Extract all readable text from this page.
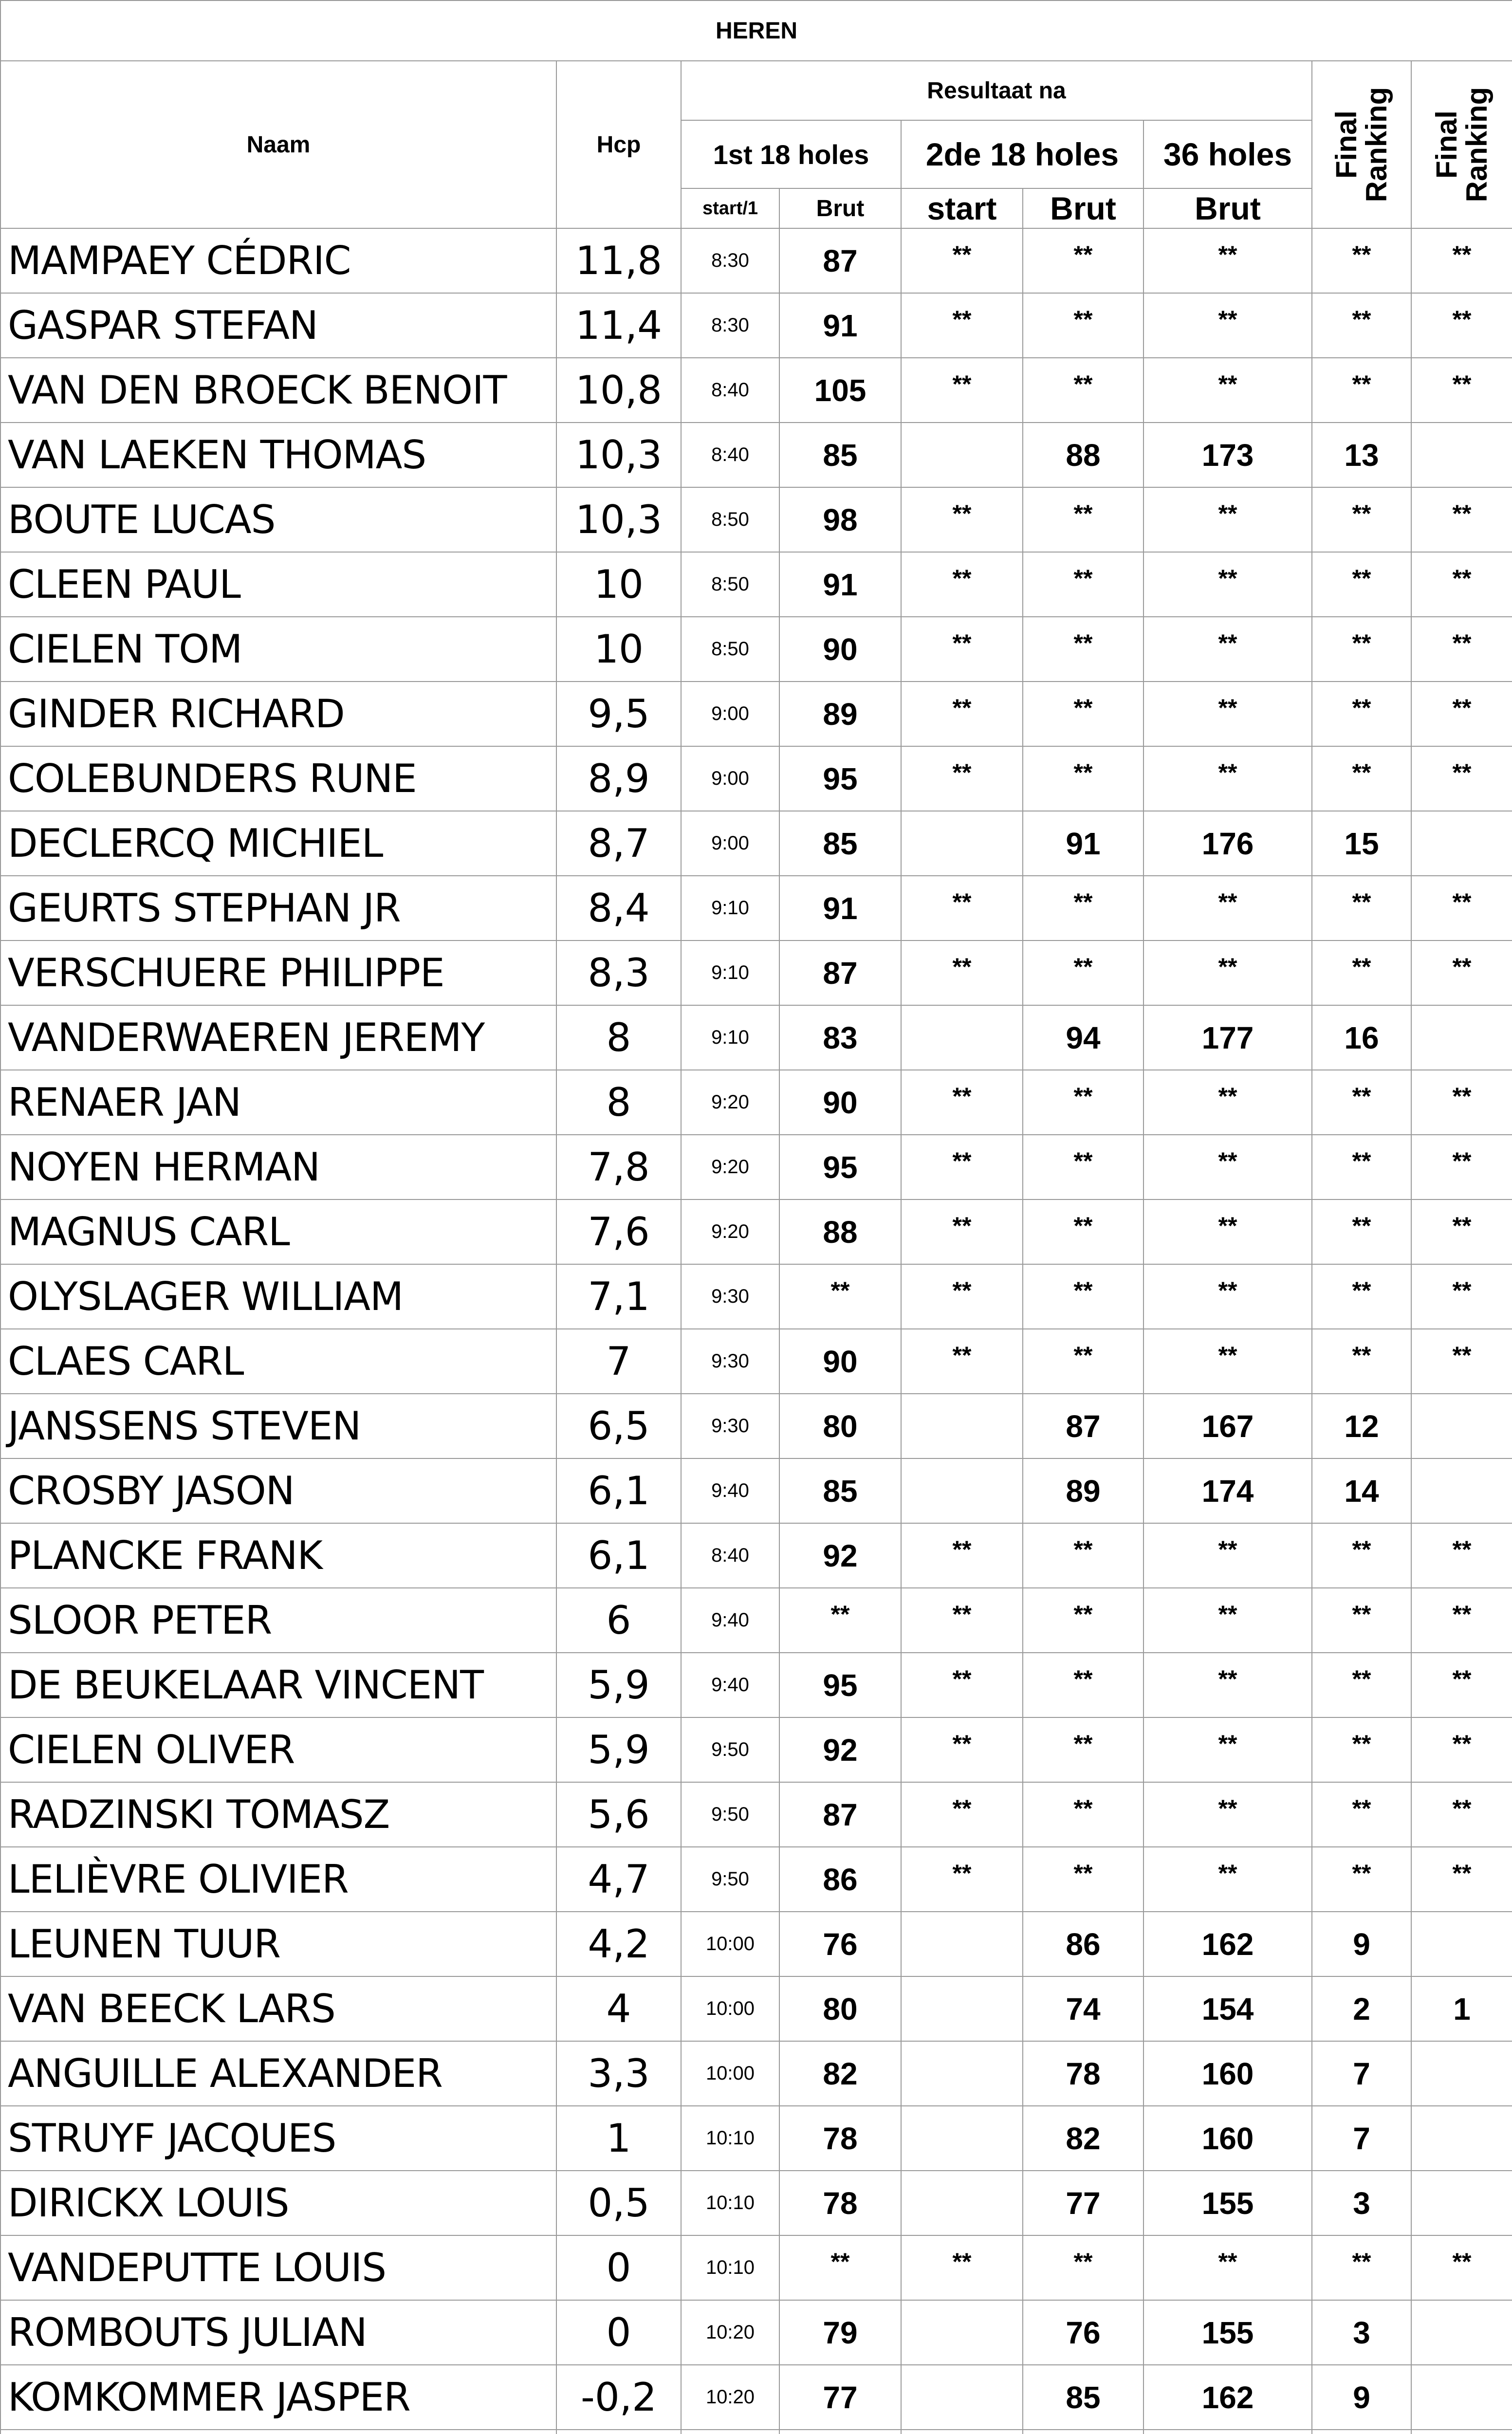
HEREN								
Naam	Hcp	Resultaat na					Final Ranking	Final Ranking

		1st 18 holes		2de 18 holes		36 holes		
		start/1	Brut	start	Brut	Brut		
MAMPAEY CÉDRIC	11,8	8:30	87	**	**	**	**	**
GASPAR STEFAN	11,4	8:30	91	**	**	**	**	**
VAN DEN BROECK BENOIT	10,8	8:40	105	**	**	**	**	**
VAN LAEKEN THOMAS	10,3	8:40	85		88	173	13	
BOUTE LUCAS	10,3	8:50	98	**	**	**	**	**
CLEEN PAUL	10	8:50	91	**	**	**	**	**
CIELEN TOM	10	8:50	90	**	**	**	**	**
GINDER RICHARD	9,5	9:00	89	**	**	**	**	**
COLEBUNDERS RUNE	8,9	9:00	95	**	**	**	**	**
DECLERCQ MICHIEL	8,7	9:00	85		91	176	15	
GEURTS STEPHAN JR	8,4	9:10	91	**	**	**	**	**
VERSCHUERE PHILIPPE	8,3	9:10	87	**	**	**	**	**
VANDERWAEREN JEREMY	8	9:10	83		94	177	16	
RENAER JAN	8	9:20	90	**	**	**	**	**
NOYEN HERMAN	7,8	9:20	95	**	**	**	**	**
MAGNUS CARL	7,6	9:20	88	**	**	**	**	**
OLYSLAGER WILLIAM	7,1	9:30	**	**	**	**	**	**
CLAES CARL	7	9:30	90	**	**	**	**	**
JANSSENS STEVEN	6,5	9:30	80		87	167	12	
CROSBY JASON	6,1	9:40	85		89	174	14	
PLANCKE FRANK	6,1	8:40	92	**	**	**	**	**
SLOOR PETER	6	9:40	**	**	**	**	**	**
DE BEUKELAAR VINCENT	5,9	9:40	95	**	**	**	**	**
CIELEN OLIVER	5,9	9:50	92	**	**	**	**	**
RADZINSKI TOMASZ	5,6	9:50	87	**	**	**	**	**
LELIÈVRE OLIVIER	4,7	9:50	86	**	**	**	**	**
LEUNEN TUUR	4,2	10:00	76		86	162	9	
VAN BEECK LARS	4	10:00	80		74	154	2	1
ANGUILLE ALEXANDER	3,3	10:00	82		78	160	7	
STRUYF JACQUES	1	10:10	78		82	160	7	
DIRICKX LOUIS	0,5	10:10	78		77	155	3	
VANDEPUTTE LOUIS	0	10:10	**	**	**	**	**	**
ROMBOUTS JULIAN	0	10:20	79		76	155	3	
KOMKOMMER JASPER	-0,2	10:20	77		85	162	9	
